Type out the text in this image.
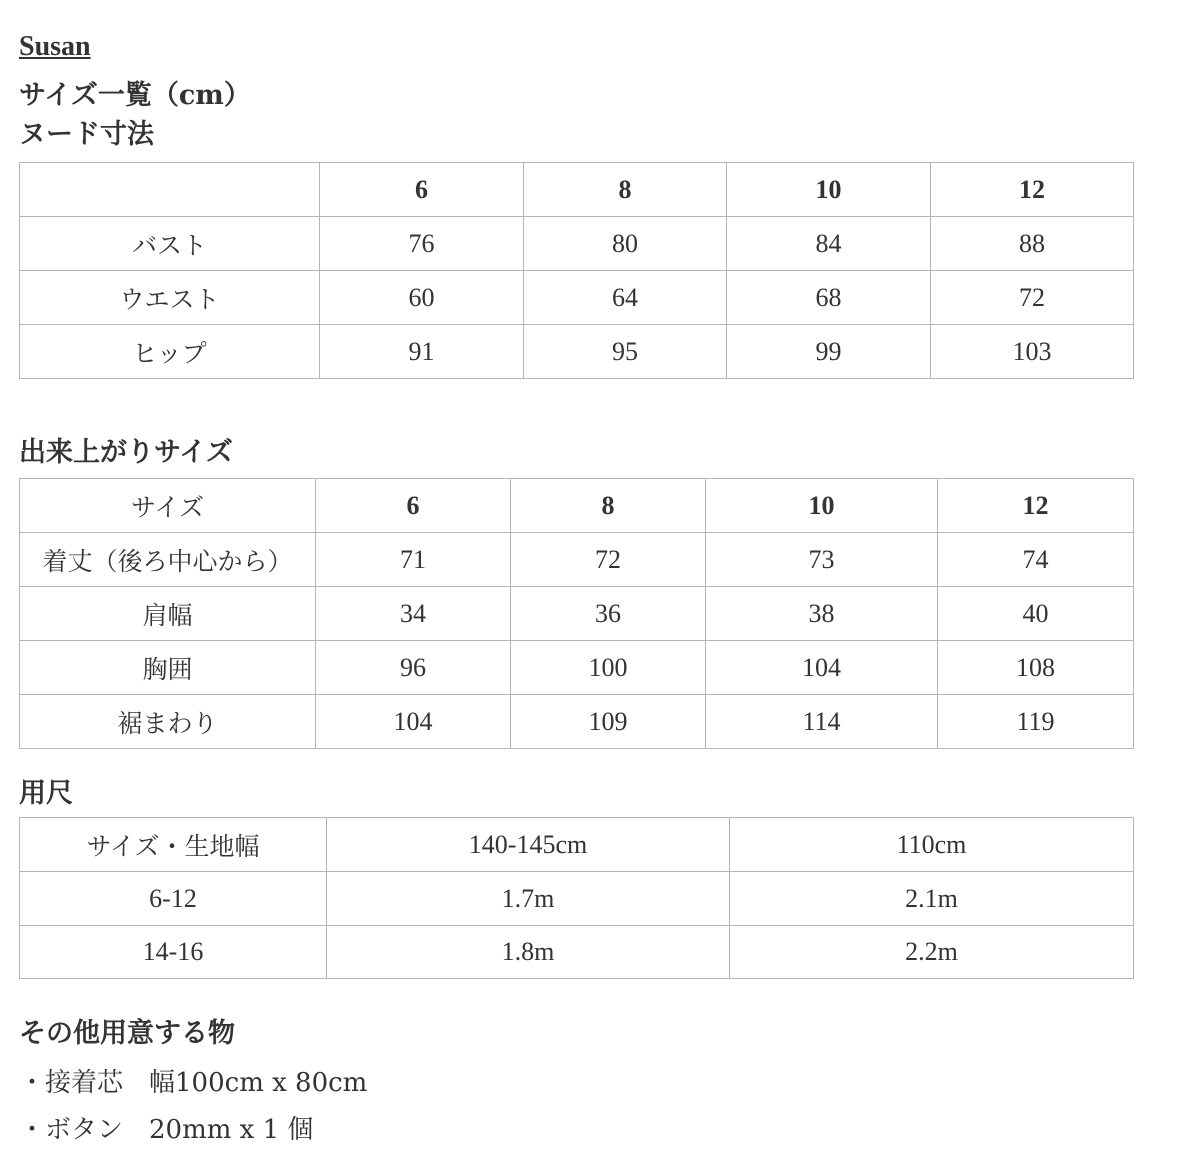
Susan
サイズ一覧（cm）
ヌード寸法
	6	8	10	12
バスト	76	80	84	88
ウエスト	60	64	68	72
ヒップ	91	95	99	103
出来上がりサイズ
サイズ	6	8	10	12
着丈（後ろ中心から）	71	72	73	74
肩幅	34	36	38	40
胸囲	96	100	104	108
裾まわり	104	109	114	119
用尺
サイズ・生地幅	140-145cm	110cm
6-12	1.7m	2.1m
14-16	1.8m	2.2m
その他用意する物

・接着芯　幅100cm x 80cm

・ボタン　20mm x 1 個
